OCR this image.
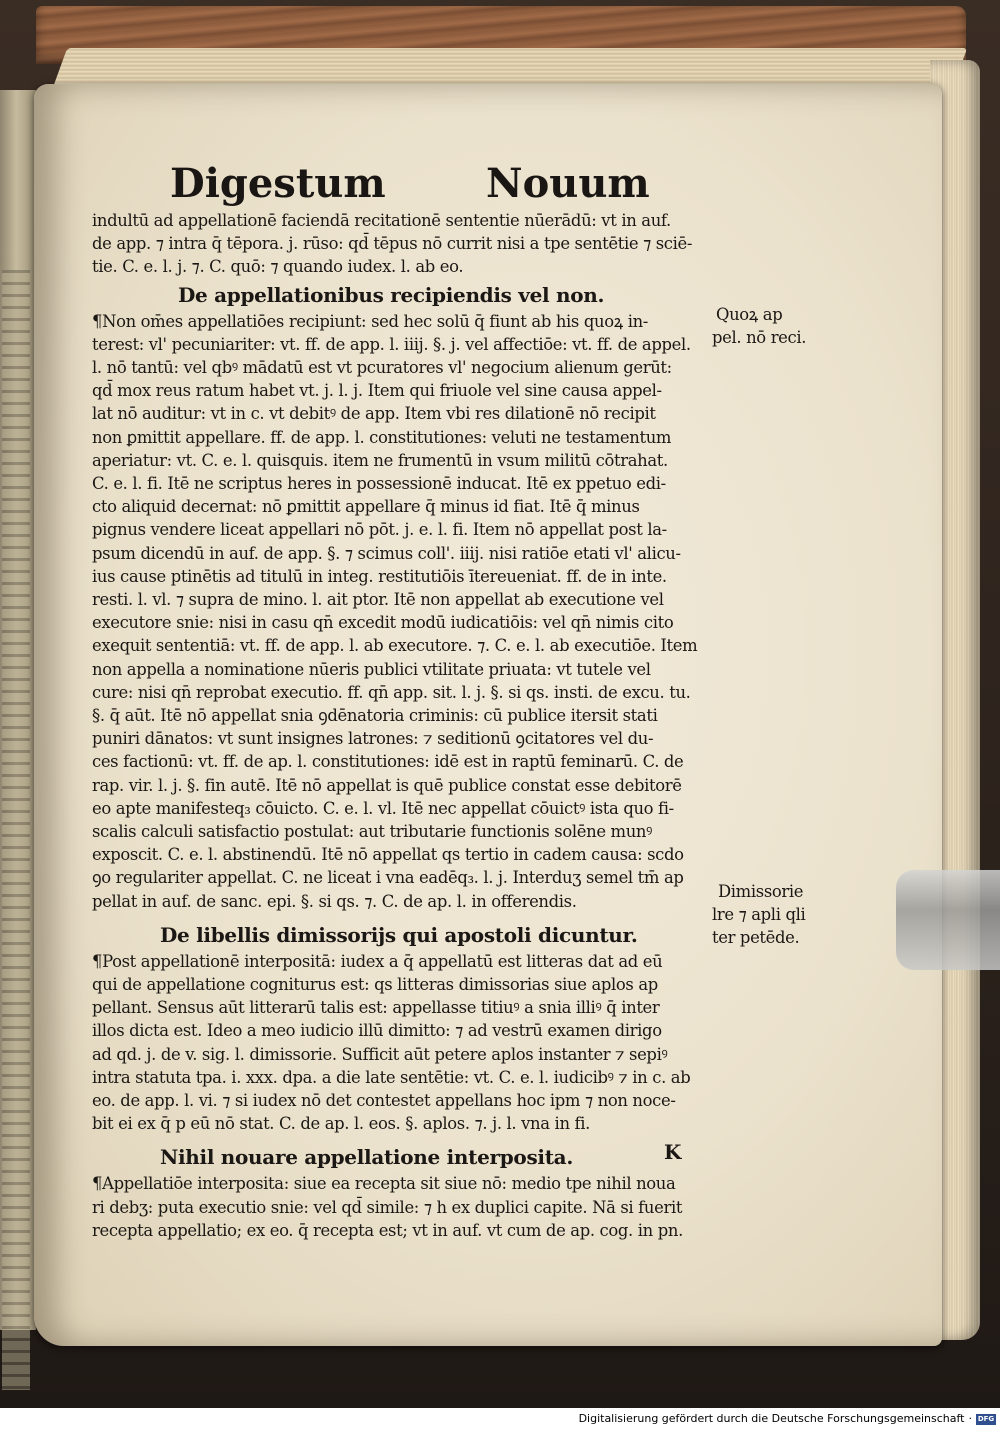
Digestum	Nouum
indultū ad appellationē faciendā recitationē sententie nūerādū: vt in auf.
de app. ⁊ intra q̄ tēpora. j. rūso: qd̄ tēpus nō currit nisi a tpe sentētie ⁊ sciē-
tie. C. e. l. j. ⁊. C. quō: ⁊ quando iudex. l. ab eo.
De appellationibus recipiendis vel non.
¶Non om̄es appellatiōes recipiunt: sed hec solū q̄ fiunt ab his quoꝝ in-
terest: vl' pecuniariter: vt. ff. de app. l. iiij. §. j. vel affectiōe: vt. ff. de appel.
l. nō tantū: vel qbꝰ mādatū est vt pcuratores vl' negocium alienum gerūt:
qd̄ mox reus ratum habet vt. j. l. j. Item qui friuole vel sine causa appel-
lat nō auditur: vt in c. vt debitꝰ de app. Item vbi res dilationē nō recipit
non ꝑmittit appellare. ff. de app. l. constitutiones: veluti ne testamentum
aperiatur: vt. C. e. l. quisquis. item ne frumentū in vsum militū cōtrahat.
C. e. l. fi. Itē ne scriptus heres in possessionē inducat. Itē ex ppetuo edi-
cto aliquid decernat: nō ꝑmittit appellare q̄ minus id fiat. Itē q̄ minus
pignus vendere liceat appellari nō pōt. j. e. l. fi. Item nō appellat post la-
psum dicendū in auf. de app. §. ⁊ scimus coll'. iiij. nisi ratiōe etati vl' alicu-
ius cause ptinētis ad titulū in integ. restitutiōis ītereueniat. ff. de in inte.
resti. l. vl. ⁊ supra de mino. l. ait ptor. Itē non appellat ab executione vel
executore snie: nisi in casu qn̄ excedit modū iudicatiōis: vel qn̄ nimis cito
exequit sententiā: vt. ff. de app. l. ab executore. ⁊. C. e. l. ab executiōe. Item
non appella a nominatione nūeris publici vtilitate priuata: vt tutele vel
cure: nisi qn̄ reprobat executio. ff. qn̄ app. sit. l. j. §. si qs. insti. de excu. tu.
§. q̄ aūt. Itē nō appellat snia ꝯdēnatoria criminis: cū publice itersit stati
puniri dānatos: vt sunt insignes latrones: ⁊ seditionū ꝯcitatores vel du-
ces factionū: vt. ff. de ap. l. constitutiones: idē est in raptū feminarū. C. de
rap. vir. l. j. §. fin autē. Itē nō appellat is quē publice constat esse debitorē
eo apte manifesteq₃ cōuicto. C. e. l. vl. Itē nec appellat cōuictꝰ ista quo fi-
scalis calculi satisfactio postulat: aut tributarie functionis solēne munꝰ
exposcit. C. e. l. abstinendū. Itē nō appellat qs tertio in cadem causa: scdo
ꝯo regulariter appellat. C. ne liceat i vna eadēq₃. l. j. Interduʒ semel tm̄ ap
pellat in auf. de sanc. epi. §. si qs. ⁊. C. de ap. l. in offerendis.
De libellis dimissorijs qui apostoli dicuntur.
¶Post appellationē interpositā: iudex a q̄ appellatū est litteras dat ad eū
qui de appellatione cogniturus est: qs litteras dimissorias siue aplos ap
pellant. Sensus aūt litterarū talis est: appellasse titiuꝰ a snia illiꝰ q̄ inter
illos dicta est. Ideo a meo iudicio illū dimitto: ⁊ ad vestrū examen dirigo
ad qd. j. de v. sig. l. dimissorie. Sufficit aūt petere aplos instanter ⁊ sepiꝰ
intra statuta tpa. i. xxx. dpa. a die late sentētie: vt. C. e. l. iudicibꝰ ⁊ in c. ab
eo. de app. l. vi. ⁊ si iudex nō det contestet appellans hoc ipm ⁊ non noce-
bit ei ex q̄ p eū nō stat. C. de ap. l. eos. §. aplos. ⁊. j. l. vna in fi.
Nihil nouare appellatione interposita.
¶Appellatiōe interposita: siue ea recepta sit siue nō: medio tpe nihil noua
ri debʒ: puta executio snie: vel qd̄ simile: ⁊ h ex duplici capite. Nā si fuerit
recepta appellatio; ex eo. q̄ recepta est; vt in auf. vt cum de ap. cog. in pn.
Quoꝝ ap
pel. nō reci.
Dimissorie
lre ⁊ apli qli
ter petēde.
K
Digitalisierung gefördert durch die Deutsche Forschungsgemeinschaft · DFG
